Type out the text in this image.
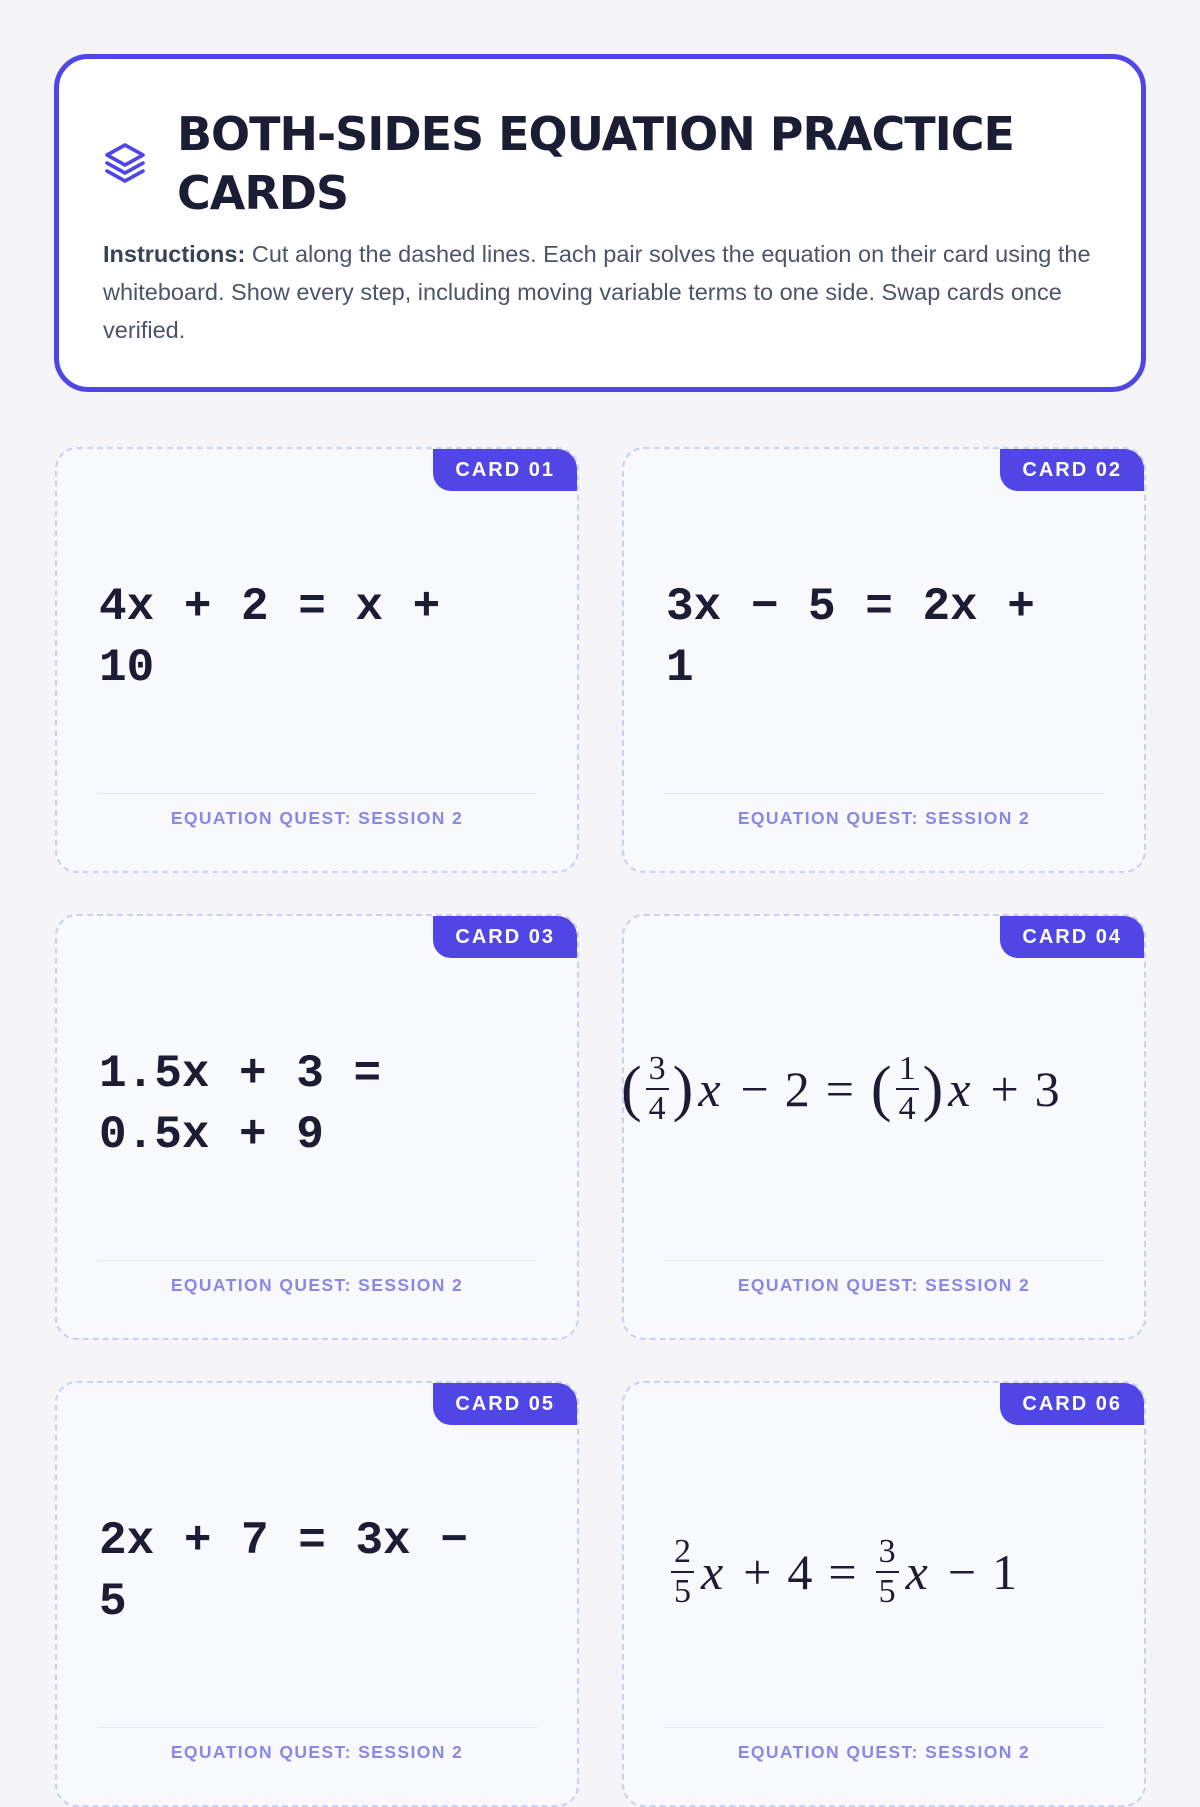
BOTH-SIDES EQUATION PRACTICE CARDS

Instructions: Cut along the dashed lines. Each pair solves the equation on their card using the whiteboard. Show every step, including moving variable terms to one side. Swap cards once verified.

CARD 01
4x + 2 = x + 10
EQUATION QUEST: SESSION 2
CARD 02
3x − 5 = 2x + 1
EQUATION QUEST: SESSION 2
CARD 03
1.5x + 3 = 0.5x + 9
EQUATION QUEST: SESSION 2
CARD 04
( $\frac{3}{4}$ ) x − 2 = ( $\frac{1}{4}$ ) x + 3
EQUATION QUEST: SESSION 2
CARD 05
2x + 7 = 3x − 5
EQUATION QUEST: SESSION 2
CARD 06
$\frac{2}{5}$ $x + 4 = \frac{3}{5}$ x − 1
EQUATION QUEST: SESSION 2
